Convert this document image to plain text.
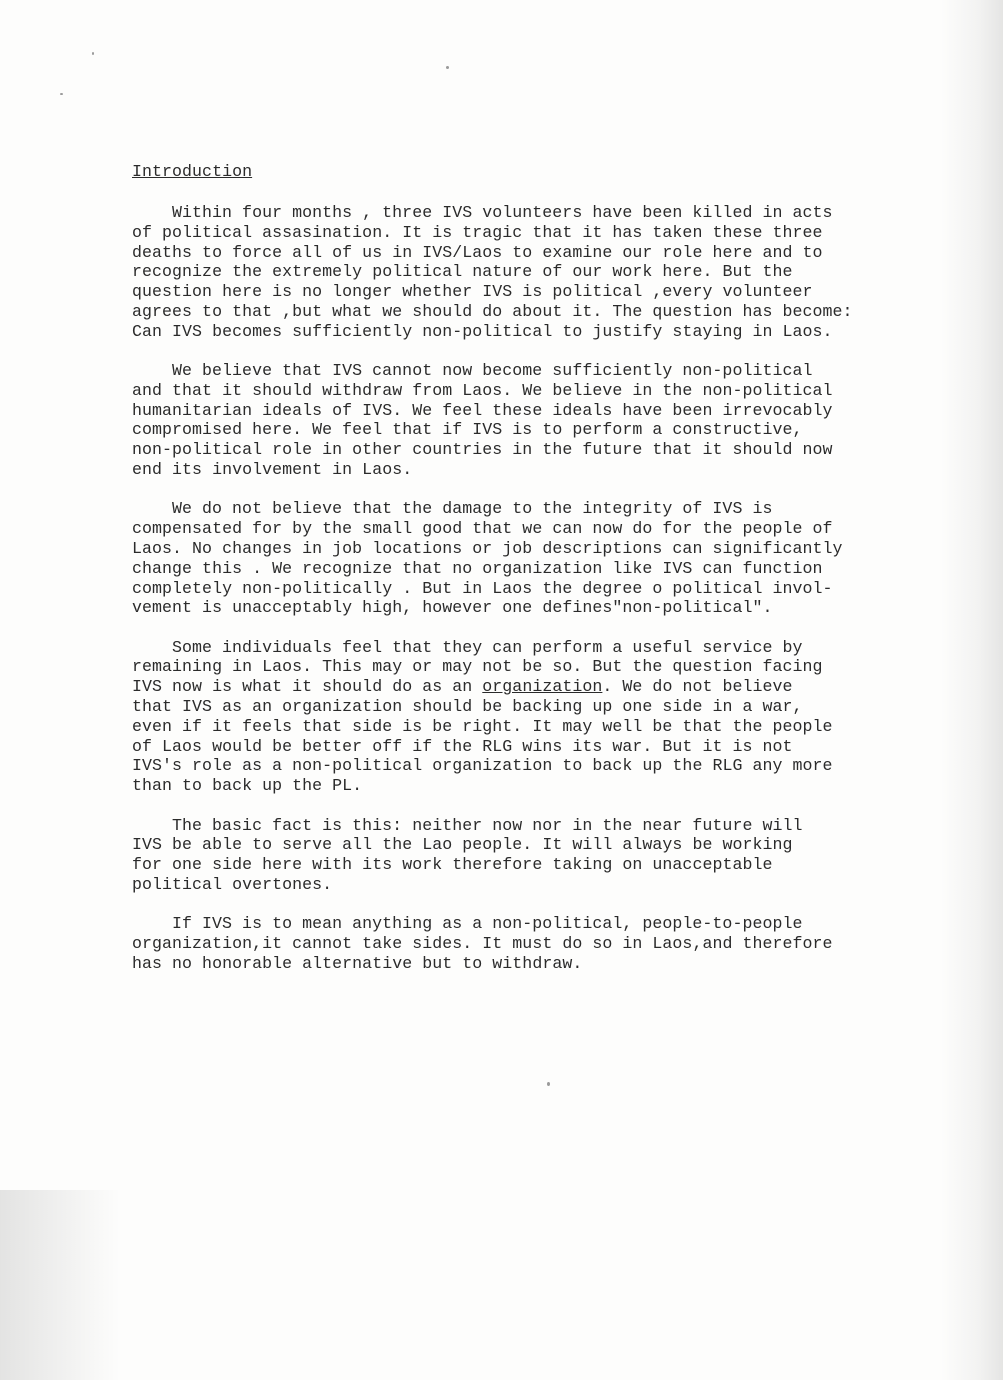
Introduction
Within four months , three IVS volunteers have been killed in acts
of political assasination. It is tragic that it has taken these three
deaths to force all of us in IVS/Laos to examine our role here and to
recognize the extremely political nature of our work here. But the
question here is no longer whether IVS is political ,every volunteer
agrees to that ,but what we should do about it. The question has become:
Can IVS becomes sufficiently non-political to justify staying in Laos.
We believe that IVS cannot now become sufficiently non-political
and that it should withdraw from Laos. We believe in the non-political
humanitarian ideals of IVS. We feel these ideals have been irrevocably
compromised here. We feel that if IVS is to perform a constructive,
non-political role in other countries in the future that it should now
end its involvement in Laos.
We do not believe that the damage to the integrity of IVS is
compensated for by the small good that we can now do for the people of
Laos. No changes in job locations or job descriptions can significantly
change this . We recognize that no organization like IVS can function
completely non-politically . But in Laos the degree o political invol-
vement is unacceptably high, however one defines"non-political".
Some individuals feel that they can perform a useful service by
remaining in Laos. This may or may not be so. But the question facing
IVS now is what it should do as an organization. We do not believe
that IVS as an organization should be backing up one side in a war,
even if it feels that side is be right. It may well be that the people
of Laos would be better off if the RLG wins its war. But it is not
IVS's role as a non-political organization to back up the RLG any more
than to back up the PL.
The basic fact is this: neither now nor in the near future will
IVS be able to serve all the Lao people. It will always be working
for one side here with its work therefore taking on unacceptable
political overtones.
If IVS is to mean anything as a non-political, people-to-people
organization,it cannot take sides. It must do so in Laos,and therefore
has no honorable alternative but to withdraw.
